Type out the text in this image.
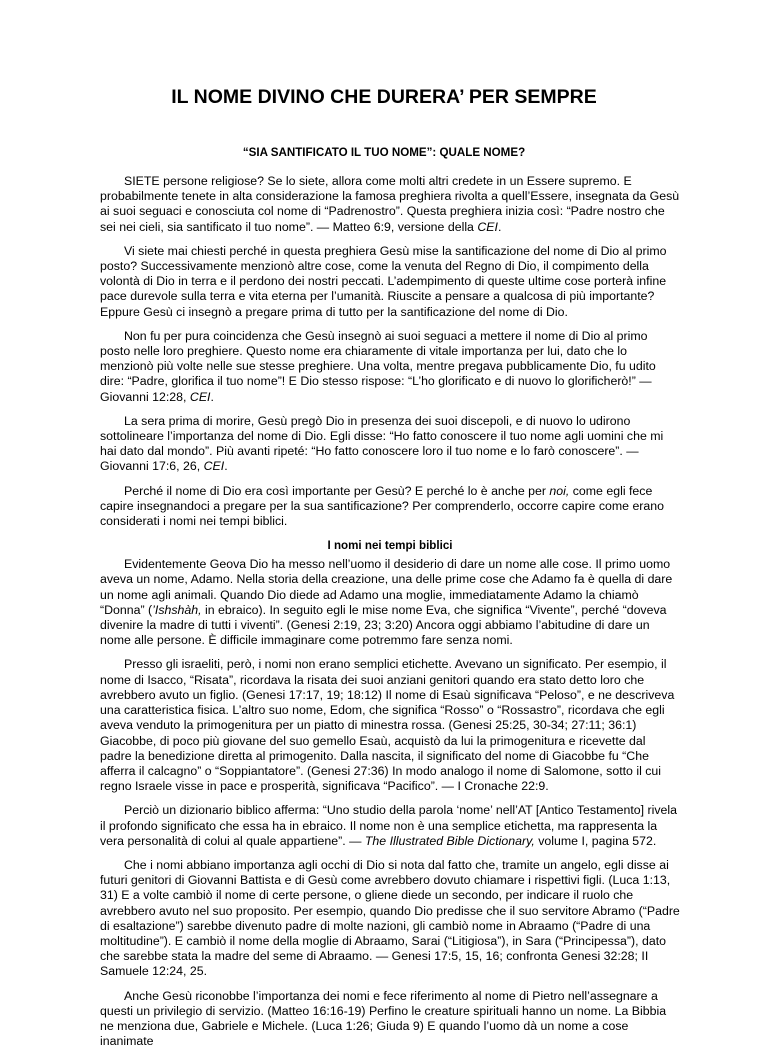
IL NOME DIVINO CHE DURERA’ PER SEMPRE
“SIA SANTIFICATO IL TUO NOME”: QUALE NOME?

SIETE persone religiose? Se lo siete, allora come molti altri credete in un Essere supremo. E probabilmente tenete in alta considerazione la famosa preghiera rivolta a quell’Essere, insegnata da Gesù ai suoi seguaci e conosciuta col nome di “Padrenostro”. Questa preghiera inizia così: “Padre nostro che sei nei cieli, sia santificato il tuo nome”. — Matteo 6:9, versione della CEI.

Vi siete mai chiesti perché in questa preghiera Gesù mise la santificazione del nome di Dio al primo posto? Successivamente menzionò altre cose, come la venuta del Regno di Dio, il compimento della volontà di Dio in terra e il perdono dei nostri peccati. L’adempimento di queste ultime cose porterà infine pace durevole sulla terra e vita eterna per l’umanità. Riuscite a pensare a qualcosa di più importante? Eppure Gesù ci insegnò a pregare prima di tutto per la santificazione del nome di Dio.

Non fu per pura coincidenza che Gesù insegnò ai suoi seguaci a mettere il nome di Dio al primo posto nelle loro preghiere. Questo nome era chiaramente di vitale importanza per lui, dato che lo menzionò più volte nelle sue stesse preghiere. Una volta, mentre pregava pubblicamente Dio, fu udito dire: “Padre, glorifica il tuo nome”! E Dio stesso rispose: “L’ho glorificato e di nuovo lo glorificherò!” — Giovanni 12:28, CEI.

La sera prima di morire, Gesù pregò Dio in presenza dei suoi discepoli, e di nuovo lo udirono sottolineare l’importanza del nome di Dio. Egli disse: “Ho fatto conoscere il tuo nome agli uomini che mi hai dato dal mondo”. Più avanti ripeté: “Ho fatto conoscere loro il tuo nome e lo farò conoscere”. — Giovanni 17:6, 26, CEI.

Perché il nome di Dio era così importante per Gesù? E perché lo è anche per noi, come egli fece capire insegnandoci a pregare per la sua santificazione? Per comprenderlo, occorre capire come erano considerati i nomi nei tempi biblici.

I nomi nei tempi biblici

Evidentemente Geova Dio ha messo nell’uomo il desiderio di dare un nome alle cose. Il primo uomo aveva un nome, Adamo. Nella storia della creazione, una delle prime cose che Adamo fa è quella di dare un nome agli animali. Quando Dio diede ad Adamo una moglie, immediatamente Adamo la chiamò “Donna” (’Ishshàh, in ebraico). In seguito egli le mise nome Eva, che significa “Vivente”, perché “doveva divenire la madre di tutti i viventi”. (Genesi 2:19, 23; 3:20) Ancora oggi abbiamo l’abitudine di dare un nome alle persone. È difficile immaginare come potremmo fare senza nomi.

Presso gli israeliti, però, i nomi non erano semplici etichette. Avevano un significato. Per esempio, il nome di Isacco, “Risata”, ricordava la risata dei suoi anziani genitori quando era stato detto loro che avrebbero avuto un figlio. (Genesi 17:17, 19; 18:12) Il nome di Esaù significava “Peloso”, e ne descriveva una caratteristica fisica. L’altro suo nome, Edom, che significa “Rosso” o “Rossastro”, ricordava che egli aveva venduto la primogenitura per un piatto di minestra rossa. (Genesi 25:25, 30-34; 27:11; 36:1) Giacobbe, di poco più giovane del suo gemello Esaù, acquistò da lui la primogenitura e ricevette dal padre la benedizione diretta al primogenito. Dalla nascita, il significato del nome di Giacobbe fu “Che afferra il calcagno” o “Soppiantatore”. (Genesi 27:36) In modo analogo il nome di Salomone, sotto il cui regno Israele visse in pace e prosperità, significava “Pacifico”. — I Cronache 22:9.

Perciò un dizionario biblico afferma: “Uno studio della parola ‘nome’ nell’AT [Antico Testamento] rivela il profondo significato che essa ha in ebraico. Il nome non è una semplice etichetta, ma rappresenta la vera personalità di colui al quale appartiene”. — The Illustrated Bible Dictionary, volume I, pagina 572.

Che i nomi abbiano importanza agli occhi di Dio si nota dal fatto che, tramite un angelo, egli disse ai futuri genitori di Giovanni Battista e di Gesù come avrebbero dovuto chiamare i rispettivi figli. (Luca 1:13, 31) E a volte cambiò il nome di certe persone, o gliene diede un secondo, per indicare il ruolo che avrebbero avuto nel suo proposito. Per esempio, quando Dio predisse che il suo servitore Abramo (“Padre di esaltazione”) sarebbe divenuto padre di molte nazioni, gli cambiò nome in Abraamo (“Padre di una moltitudine”). E cambiò il nome della moglie di Abraamo, Sarai (“Litigiosa”), in Sara (“Principessa”), dato che sarebbe stata la madre del seme di Abraamo. — Genesi 17:5, 15, 16; confronta Genesi 32:28; II Samuele 12:24, 25.

Anche Gesù riconobbe l’importanza dei nomi e fece riferimento al nome di Pietro nell’assegnare a questi un privilegio di servizio. (Matteo 16:16-19) Perfino le creature spirituali hanno un nome. La Bibbia ne menziona due, Gabriele e Michele. (Luca 1:26; Giuda 9) E quando l’uomo dà un nome a cose inanimate
